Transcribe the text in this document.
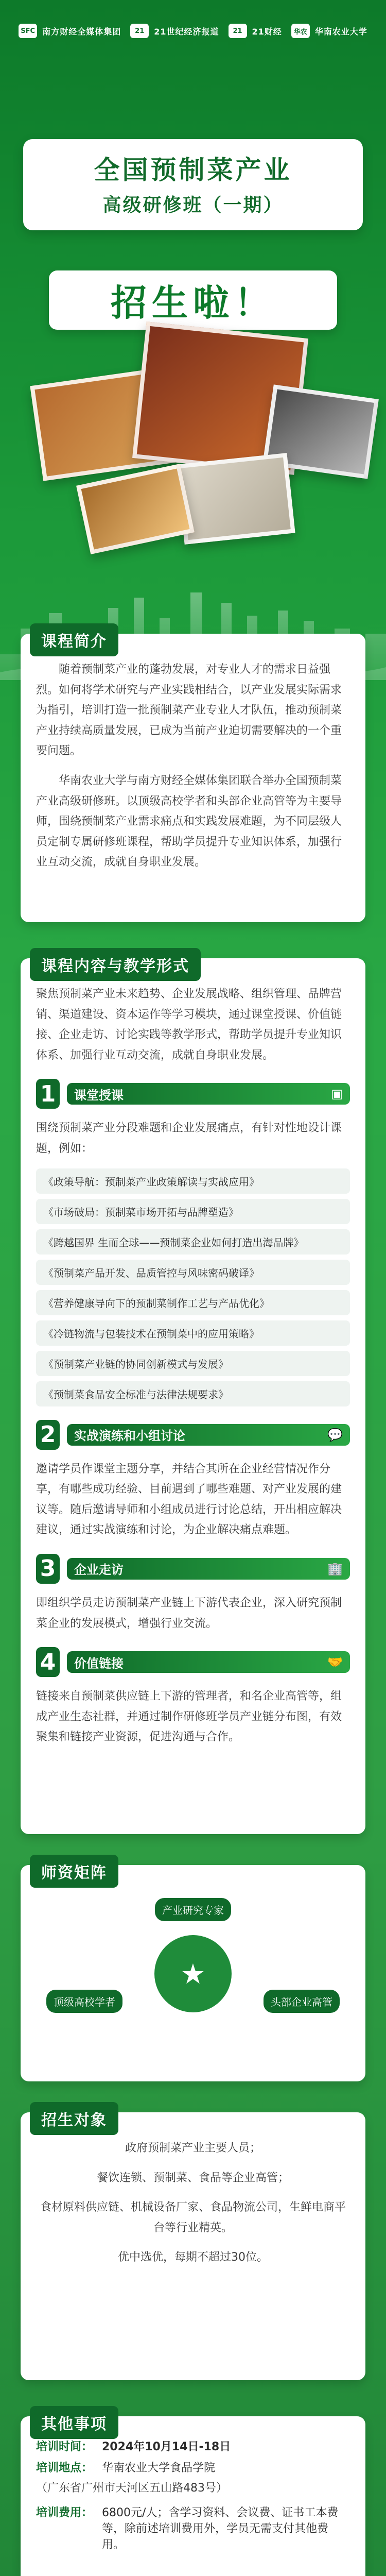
SFC 南方财经全媒体集团	21	21世纪经济报道	21	21财经	华农 华南农业大学
全国预制菜产业
高级研修班（一期）
招生啦！
课程简介
随着预制菜产业的蓬勃发展，对专业人才的需求日益强烈。如何将学术研究与产业实践相结合，以产业发展实际需求为指引，培训打造一批预制菜产业专业人才队伍，推动预制菜产业持续高质量发展，已成为当前产业迫切需要解决的一个重要问题。
华南农业大学与南方财经全媒体集团联合举办全国预制菜产业高级研修班。以顶级高校学者和头部企业高管等为主要导师，围绕预制菜产业需求痛点和实践发展难题，为不同层级人员定制专属研修班课程，帮助学员提升专业知识体系，加强行业互动交流，成就自身职业发展。
课程内容与教学形式
聚焦预制菜产业未来趋势、企业发展战略、组织管理、品牌营销、渠道建设、资本运作等学习模块，通过课堂授课、价值链接、企业走访、讨论实践等教学形式，帮助学员提升专业知识体系、加强行业互动交流，成就自身职业发展。
1	课堂授课	▣
围绕预制菜产业分段难题和企业发展痛点，有针对性地设计课题，例如：
《政策导航：预制菜产业政策解读与实战应用》
《市场破局：预制菜市场开拓与品牌塑造》
《跨越国界 生而全球——预制菜企业如何打造出海品牌》
《预制菜产品开发、品质管控与风味密码破译》
《营养健康导向下的预制菜制作工艺与产品优化》
《冷链物流与包装技术在预制菜中的应用策略》
《预制菜产业链的协同创新模式与发展》
《预制菜食品安全标准与法律法规要求》
2	实战演练和小组讨论	💬
邀请学员作课堂主题分享，并结合其所在企业经营情况作分享，有哪些成功经验、目前遇到了哪些难题、对产业发展的建议等。随后邀请导师和小组成员进行讨论总结，开出相应解决建议，通过实战演练和讨论，为企业解决痛点难题。
3	企业走访	🏢
即组织学员走访预制菜产业链上下游代表企业，深入研究预制菜企业的发展模式，增强行业交流。
4	价值链接	🤝
链接来自预制菜供应链上下游的管理者，和名企业高管等，组成产业生态社群，并通过制作研修班学员产业链分布图，有效聚集和链接产业资源，促进沟通与合作。
师资矩阵
产业研究专家
★
顶级高校学者	头部企业高管
招生对象
政府预制菜产业主要人员；
餐饮连锁、预制菜、食品等企业高管；
食材原料供应链、机械设备厂家、食品物流公司，生鲜电商平台等行业精英。
优中选优，每期不超过30位。
其他事项
培训时间： 2024年10月14日-18日
培训地点： 华南农业大学食品学院
（广东省广州市天河区五山路483号）
培训费用： 6800元/人；含学习资料、会议费、证书工本费等，除前述培训费用外，学员无需支付其他费用。
